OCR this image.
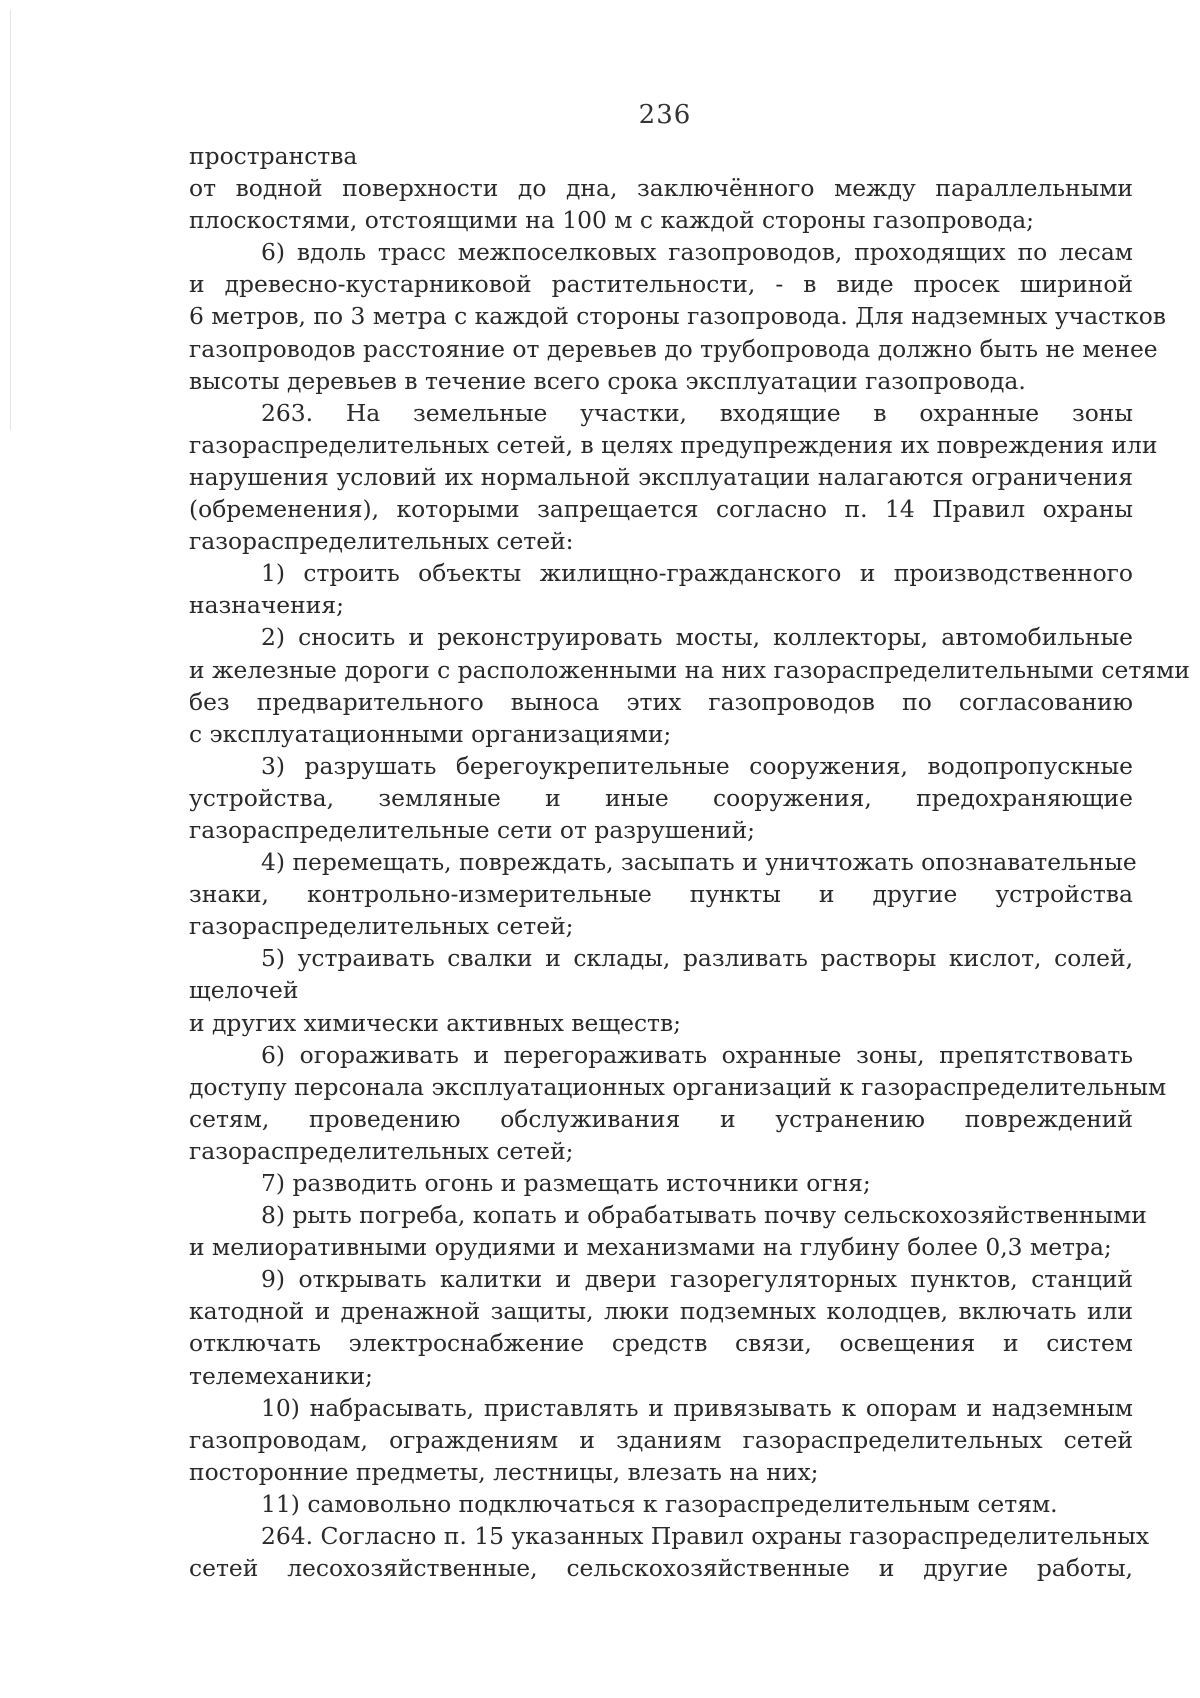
236
пространства
от водной поверхности до дна, заключённого между параллельными
плоскостями, отстоящими на 100 м с каждой стороны газопровода;
6) вдоль трасс межпоселковых газопроводов, проходящих по лесам
и древесно-кустарниковой растительности, - в виде просек шириной
6 метров, по 3 метра с каждой стороны газопровода. Для надземных участков
газопроводов расстояние от деревьев до трубопровода должно быть не менее
высоты деревьев в течение всего срока эксплуатации газопровода.
263. На земельные участки, входящие в охранные зоны
газораспределительных сетей, в целях предупреждения их повреждения или
нарушения условий их нормальной эксплуатации налагаются ограничения
(обременения), которыми запрещается согласно п. 14 Правил охраны
газораспределительных сетей:
1) строить объекты жилищно-гражданского и производственного
назначения;
2) сносить и реконструировать мосты, коллекторы, автомобильные
и железные дороги с расположенными на них газораспределительными сетями
без предварительного выноса этих газопроводов по согласованию
с эксплуатационными организациями;
3) разрушать берегоукрепительные сооружения, водопропускные
устройства, земляные и иные сооружения, предохраняющие
газораспределительные сети от разрушений;
4) перемещать, повреждать, засыпать и уничтожать опознавательные
знаки, контрольно-измерительные пункты и другие устройства
газораспределительных сетей;
5) устраивать свалки и склады, разливать растворы кислот, солей,
щелочей
и других химически активных веществ;
6) огораживать и перегораживать охранные зоны, препятствовать
доступу персонала эксплуатационных организаций к газораспределительным
сетям, проведению обслуживания и устранению повреждений
газораспределительных сетей;
7) разводить огонь и размещать источники огня;
8) рыть погреба, копать и обрабатывать почву сельскохозяйственными
и мелиоративными орудиями и механизмами на глубину более 0,3 метра;
9) открывать калитки и двери газорегуляторных пунктов, станций
катодной и дренажной защиты, люки подземных колодцев, включать или
отключать электроснабжение средств связи, освещения и систем
телемеханики;
10) набрасывать, приставлять и привязывать к опорам и надземным
газопроводам, ограждениям и зданиям газораспределительных сетей
посторонние предметы, лестницы, влезать на них;
11) самовольно подключаться к газораспределительным сетям.
264. Согласно п. 15 указанных Правил охраны газораспределительных
сетей лесохозяйственные, сельскохозяйственные и другие работы,
